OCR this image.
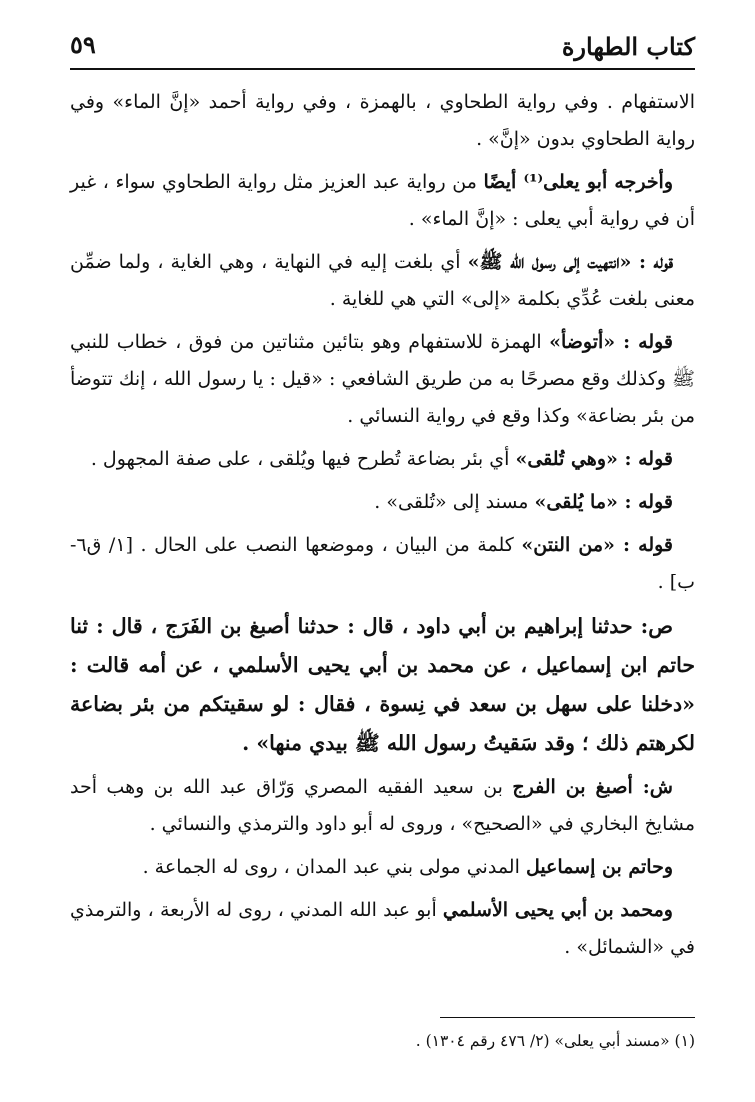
كتاب الطهارة
٥٩

الاستفهام . وفي رواية الطحاوي ، بالهمزة ، وفي رواية أحمد «إنَّ الماء» وفي رواية الطحاوي بدون «إنَّ» .

وأخرجه أبو يعلى⁽¹⁾ أيضًا من رواية عبد العزيز مثل رواية الطحاوي سواء ، غير أن في رواية أبي يعلى : «إنَّ الماء» .

قوله : «انتهيت إلى رسول الله ﷺ» أي بلغت إليه في النهاية ، وهي الغاية ، ولما ضمِّن معنى بلغت عُدِّي بكلمة «إلى» التي هي للغاية .

قوله : «أتوضأ» الهمزة للاستفهام وهو بتائين مثناتين من فوق ، خطاب للنبي ﷺ وكذلك وقع مصرحًا به من طريق الشافعي : «قيل : يا رسول الله ، إنك تتوضأ من بئر بضاعة» وكذا وقع في رواية النسائي .

قوله : «وهي تُلقى» أي بئر بضاعة تُطرح فيها ويُلقى ، على صفة المجهول .

قوله : «ما يُلقى» مسند إلى «تُلقى» .

قوله : «من النتن» كلمة من البيان ، وموضعها النصب على الحال . [١/ ق٦-ب] .

ص: حدثنا إبراهيم بن أبي داود ، قال : حدثنا أصبغ بن الفَرَج ، قال : ثنا حاتم ابن إسماعيل ، عن محمد بن أبي يحيى الأسلمي ، عن أمه قالت : «دخلنا على سهل بن سعد في نِسوة ، فقال : لو سقيتكم من بئر بضاعة لكرهتم ذلك ؛ وقد سَقيتُ رسول الله ﷺ بيدي منها» .

ش: أصبغ بن الفرج بن سعيد الفقيه المصري وَرّاق عبد الله بن وهب أحد مشايخ البخاري في «الصحيح» ، وروى له أبو داود والترمذي والنسائي .

وحاتم بن إسماعيل المدني مولى بني عبد المدان ، روى له الجماعة .

ومحمد بن أبي يحيى الأسلمي أبو عبد الله المدني ، روى له الأربعة ، والترمذي في «الشمائل» .

(١) «مسند أبي يعلى» (٢/ ٤٧٦ رقم ١٣٠٤) .
